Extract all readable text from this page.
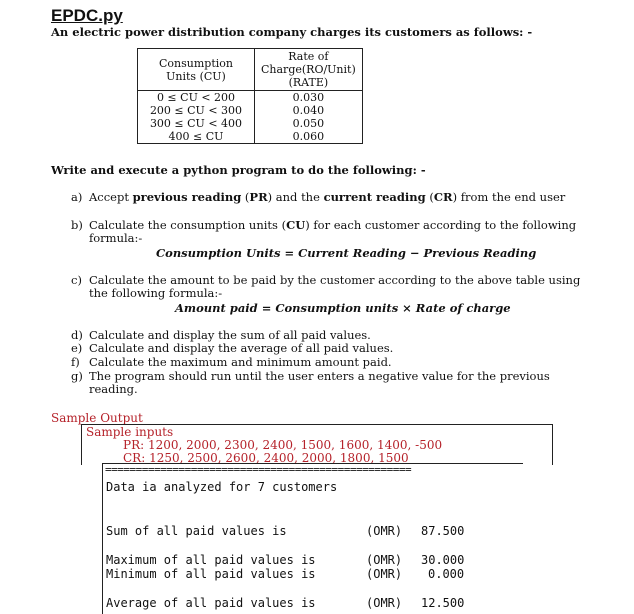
EPDC.py
An electric power distribution company charges its customers as follows: -
Consumption Units (CU)	Rate of Charge(RO/Unit) (RATE)
0 ≤ CU < 200	0.030
200 ≤ CU < 300	0.040
300 ≤ CU < 400	0.050
400 ≤ CU	0.060
Write and execute a python program to do the following: -
a) Accept previous reading (PR) and the current reading (CR) from the end user
b) Calculate the consumption units (CU) for each customer according to the following
formula:-
Consumption Units = Current Reading − Previous Reading
c) Calculate the amount to be paid by the customer according to the above table using
the following formula:-
Amount paid = Consumption units × Rate of charge
d) Calculate and display the sum of all paid values.
e) Calculate and display the average of all paid values.
f) Calculate the maximum and minimum amount paid.
g) The program should run until the user enters a negative value for the previous
reading.
Sample Output
Sample inputs
PR: 1200, 2000, 2300, 2400, 1500, 1600, 1400, -500
CR: 1250, 2500, 2600, 2400, 2000, 1800, 1500
==================================================
Data ia analyzed for 7 customers
Sum of all paid values is	(OMR) 87.500
Maximum of all paid values is	(OMR) 30.000
Minimum of all paid values is	(OMR) 0.000
Average of all paid values is	(OMR) 12.500
